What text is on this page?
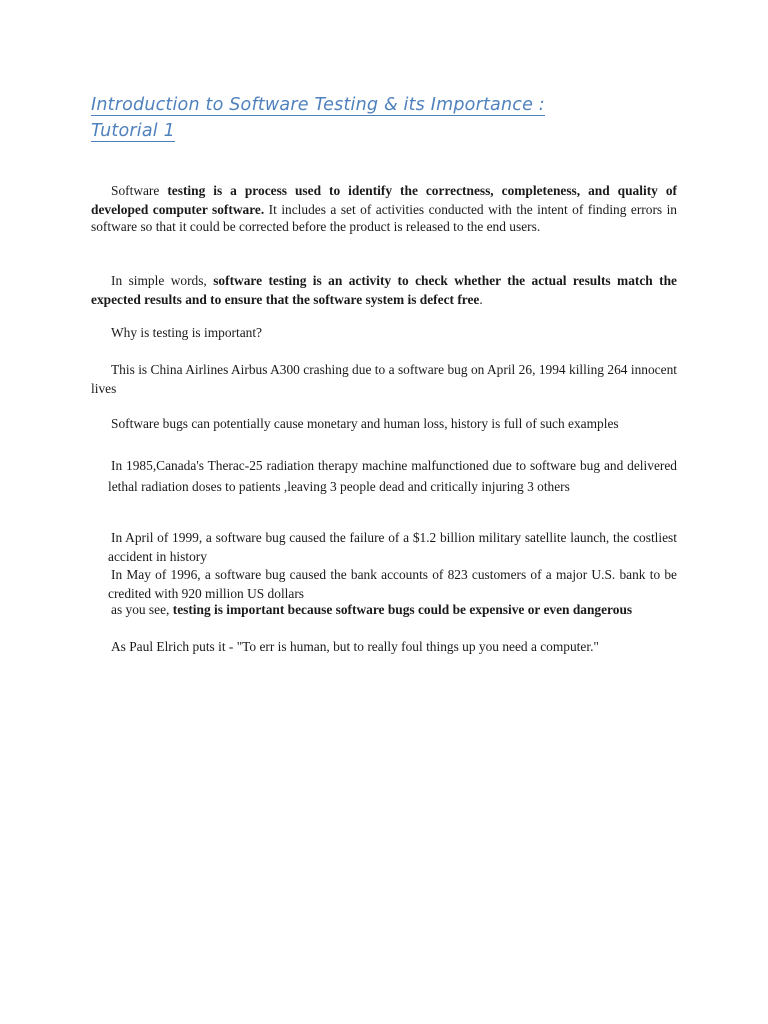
Introduction to Software Testing & its Importance :
Tutorial 1

Software testing is a process used to identify the correctness, completeness, and quality of developed computer software. It includes a set of activities conducted with the intent of finding errors in software so that it could be corrected before the product is released to the end users.

In simple words, software testing is an activity to check whether the actual results match the expected results and to ensure that the software system is defect free.

Why is testing is important?

This is China Airlines Airbus A300 crashing due to a software bug on April 26, 1994 killing 264 innocent lives

Software bugs can potentially cause monetary and human loss, history is full of such examples

In 1985,Canada's Therac-25 radiation therapy machine malfunctioned due to software bug and delivered lethal radiation doses to patients ,leaving 3 people dead and critically injuring 3 others

In April of 1999, a software bug caused the failure of a $1.2 billion military satellite launch, the costliest accident in history

In May of 1996, a software bug caused the bank accounts of 823 customers of a major U.S. bank to be credited with 920 million US dollars

as you see, testing is important because software bugs could be expensive or even dangerous

As Paul Elrich puts it - "To err is human, but to really foul things up you need a computer."
